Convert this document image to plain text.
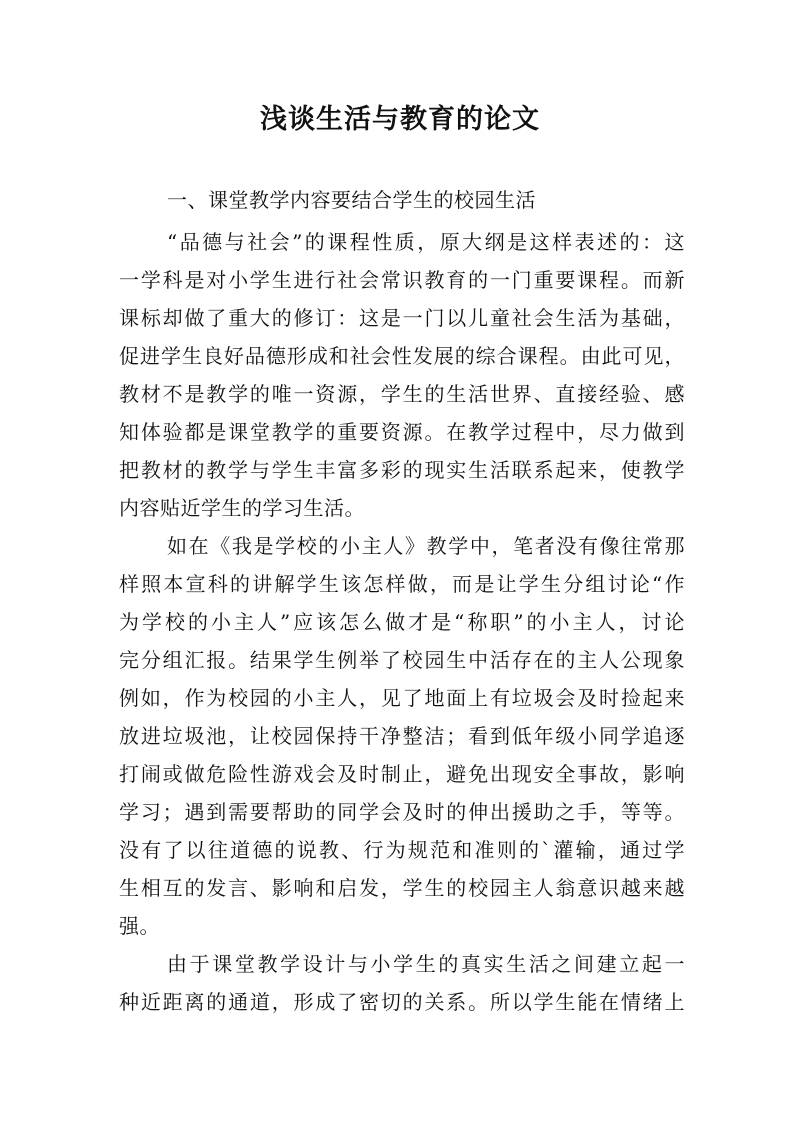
浅谈生活与教育的论文
一、课堂教学内容要结合学生的校园生活
“品德与社会”的课程性质，原大纲是这样表述的：这
一学科是对小学生进行社会常识教育的一门重要课程。而新
课标却做了重大的修订：这是一门以儿童社会生活为基础，
促进学生良好品德形成和社会性发展的综合课程。由此可见，
教材不是教学的唯一资源，学生的生活世界、直接经验、感
知体验都是课堂教学的重要资源。在教学过程中，尽力做到
把教材的教学与学生丰富多彩的现实生活联系起来，使教学
内容贴近学生的学习生活。
如在《我是学校的小主人》教学中，笔者没有像往常那
样照本宣科的讲解学生该怎样做，而是让学生分组讨论“作
为学校的小主人”应该怎么做才是“称职”的小主人，讨论
完分组汇报。结果学生例举了校园生中活存在的主人公现象
例如，作为校园的小主人，见了地面上有垃圾会及时捡起来
放进垃圾池，让校园保持干净整洁；看到低年级小同学追逐
打闹或做危险性游戏会及时制止，避免出现安全事故，影响
学习；遇到需要帮助的同学会及时的伸出援助之手，等等。
没有了以往道德的说教、行为规范和准则的`灌输，通过学
生相互的发言、影响和启发，学生的校园主人翁意识越来越
强。
由于课堂教学设计与小学生的真实生活之间建立起一
种近距离的通道，形成了密切的关系。所以学生能在情绪上
